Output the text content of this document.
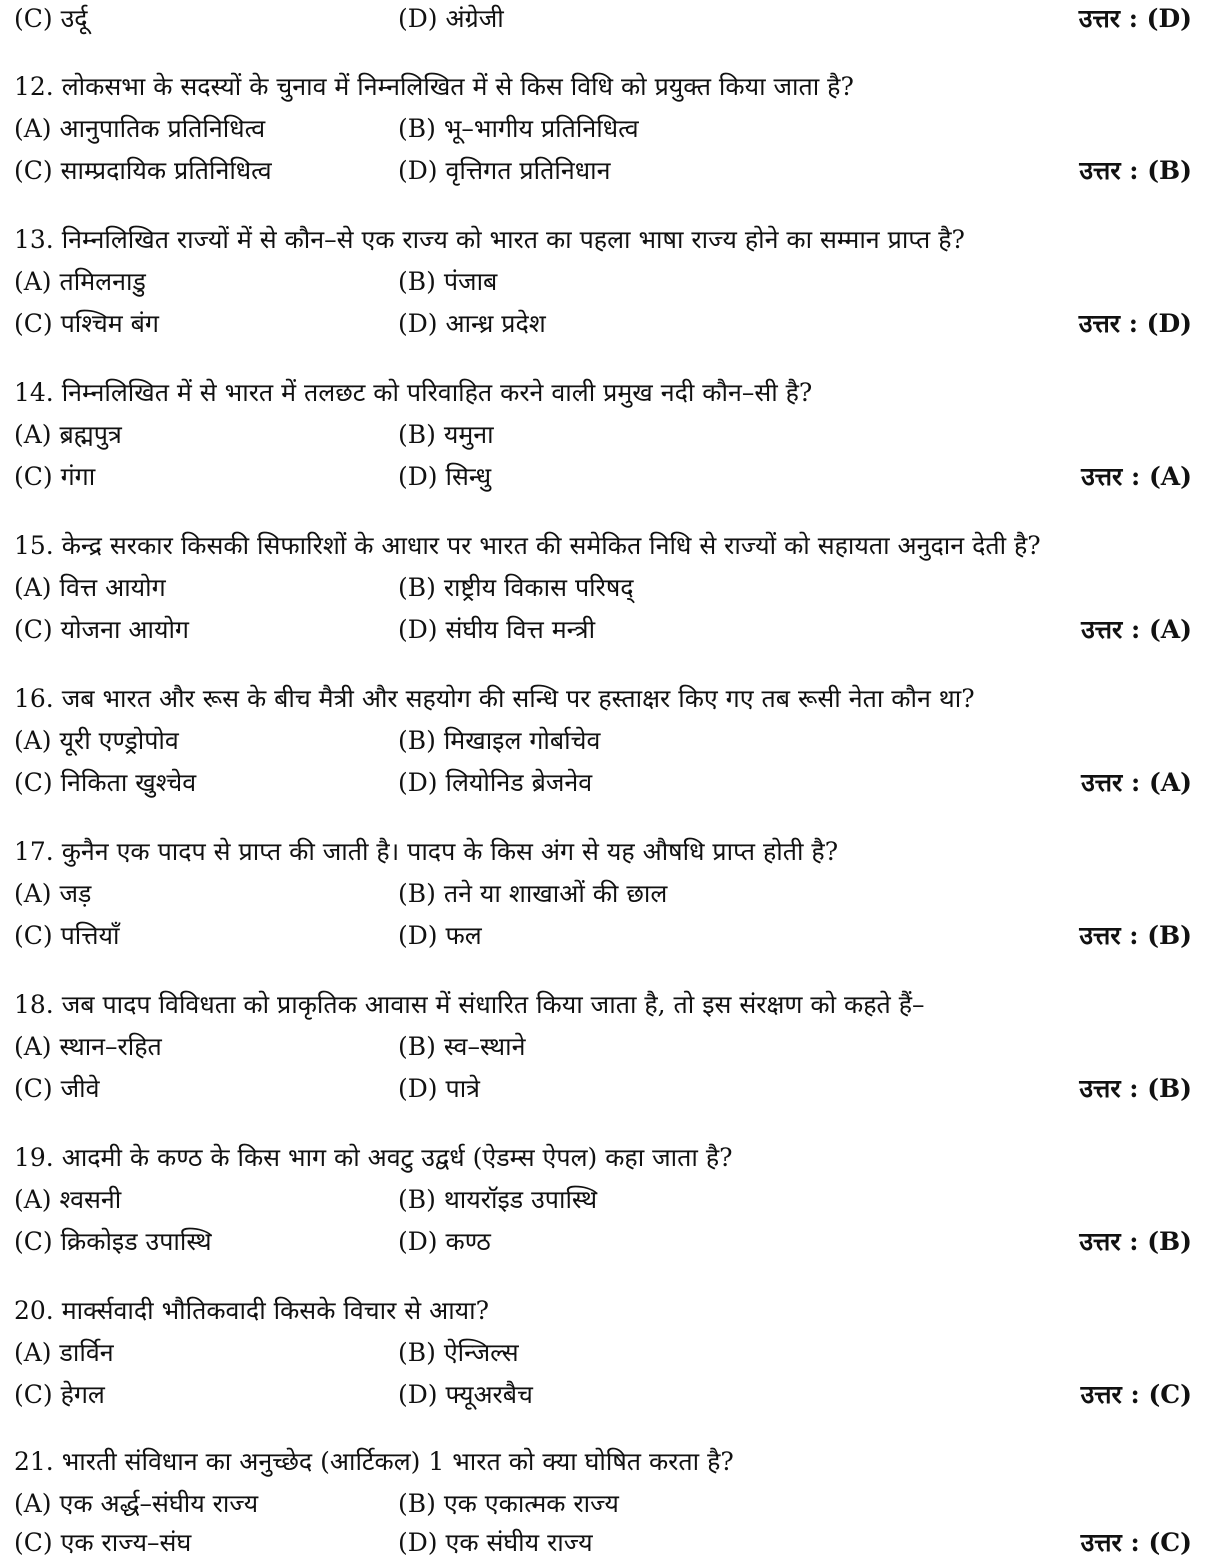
(C) उर्दू	(D) अंग्रेजी	उत्तर : (D)
12. लोकसभा के सदस्यों के चुनाव में निम्नलिखित में से किस विधि को प्रयुक्त किया जाता है?
(A) आनुपातिक प्रतिनिधित्व	(B) भू–भागीय प्रतिनिधित्व
(C) साम्प्रदायिक प्रतिनिधित्व	(D) वृत्तिगत प्रतिनिधान	उत्तर : (B)
13. निम्नलिखित राज्यों में से कौन–से एक राज्य को भारत का पहला भाषा राज्य होने का सम्मान प्राप्त है?
(A) तमिलनाडु	(B) पंजाब
(C) पश्चिम बंग	(D) आन्ध्र प्रदेश	उत्तर : (D)
14. निम्नलिखित में से भारत में तलछट को परिवाहित करने वाली प्रमुख नदी कौन–सी है?
(A) ब्रह्मपुत्र	(B) यमुना
(C) गंगा	(D) सिन्धु	उत्तर : (A)
15. केन्द्र सरकार किसकी सिफारिशों के आधार पर भारत की समेकित निधि से राज्यों को सहायता अनुदान देती है?
(A) वित्त आयोग	(B) राष्ट्रीय विकास परिषद्
(C) योजना आयोग	(D) संघीय वित्त मन्त्री	उत्तर : (A)
16. जब भारत और रूस के बीच मैत्री और सहयोग की सन्धि पर हस्ताक्षर किए गए तब रूसी नेता कौन था?
(A) यूरी एण्ड्रोपोव	(B) मिखाइल गोर्बाचेव
(C) निकिता खुश्चेव	(D) लियोनिड ब्रेजनेव	उत्तर : (A)
17. कुनैन एक पादप से प्राप्त की जाती है। पादप के किस अंग से यह औषधि प्राप्त होती है?
(A) जड़	(B) तने या शाखाओं की छाल
(C) पत्तियाँ	(D) फल	उत्तर : (B)
18. जब पादप विविधता को प्राकृतिक आवास में संधारित किया जाता है, तो इस संरक्षण को कहते हैं–
(A) स्थान–रहित	(B) स्व–स्थाने
(C) जीवे	(D) पात्रे	उत्तर : (B)
19. आदमी के कण्ठ के किस भाग को अवटु उद्वर्ध (ऐडम्स ऐपल) कहा जाता है?
(A) श्वसनी	(B) थायरॉइड उपास्थि
(C) क्रिकोइड उपास्थि	(D) कण्ठ	उत्तर : (B)
20. मार्क्सवादी भौतिकवादी किसके विचार से आया?
(A) डार्विन	(B) ऐन्जिल्स
(C) हेगल	(D) फ्यूअरबैच	उत्तर : (C)
21. भारती संविधान का अनुच्छेद (आर्टिकल) 1 भारत को क्या घोषित करता है?
(A) एक अर्द्ध–संघीय राज्य	(B) एक एकात्मक राज्य
(C) एक राज्य–संघ	(D) एक संघीय राज्य	उत्तर : (C)
